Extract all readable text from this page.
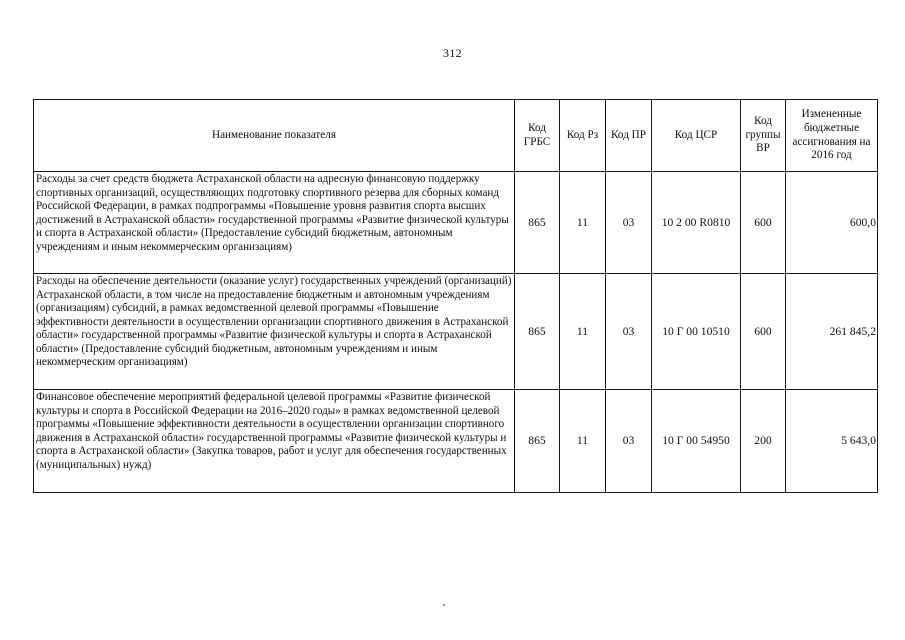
312
Наименование показателя	Код ГРБС	Код Рз	Код ПР	Код ЦСР	Код группы ВР	Измененные бюджетные ассигнования на 2016 год
Расходы за счет средств бюджета Астраханской области на адресную финансовую поддержку спортивных организаций, осуществляющих подготовку спортивного резерва для сборных команд Российской Федерации, в рамках подпрограммы «Повышение уровня развития спорта высших достижений в Астраханской области» государственной программы «Развитие физической культуры и спорта в Астраханской области» (Предоставление субсидий бюджетным, автономным учреждениям и иным некоммерческим организациям)	865	11	03	10 2 00 R0810	600	600,0
Расходы на обеспечение деятельности (оказание услуг) государственных учреждений (организаций) Астраханской области, в том числе на предоставление бюджетным и автономным учреждениям (организациям) субсидий, в рамках ведомственной целевой программы «Повышение эффективности деятельности в осуществлении организации спортивного движения в Астраханской области» государственной программы «Развитие физической культуры и спорта в Астраханской области» (Предоставление субсидий бюджетным, автономным учреждениям и иным некоммерческим организациям)	865	11	03	10 Г 00 10510	600	261 845,2
Финансовое обеспечение мероприятий федеральной целевой программы «Развитие физической культуры и спорта в Российской Федерации на 2016–2020 годы» в рамках ведомственной целевой программы «Повышение эффективности деятельности в осуществлении организации спортивного движения в Астраханской области» государственной программы «Развитие физической культуры и спорта в Астраханской области» (Закупка товаров, работ и услуг для обеспечения государственных (муниципальных) нужд)	865	11	03	10 Г 00 54950	200	5 643,0
